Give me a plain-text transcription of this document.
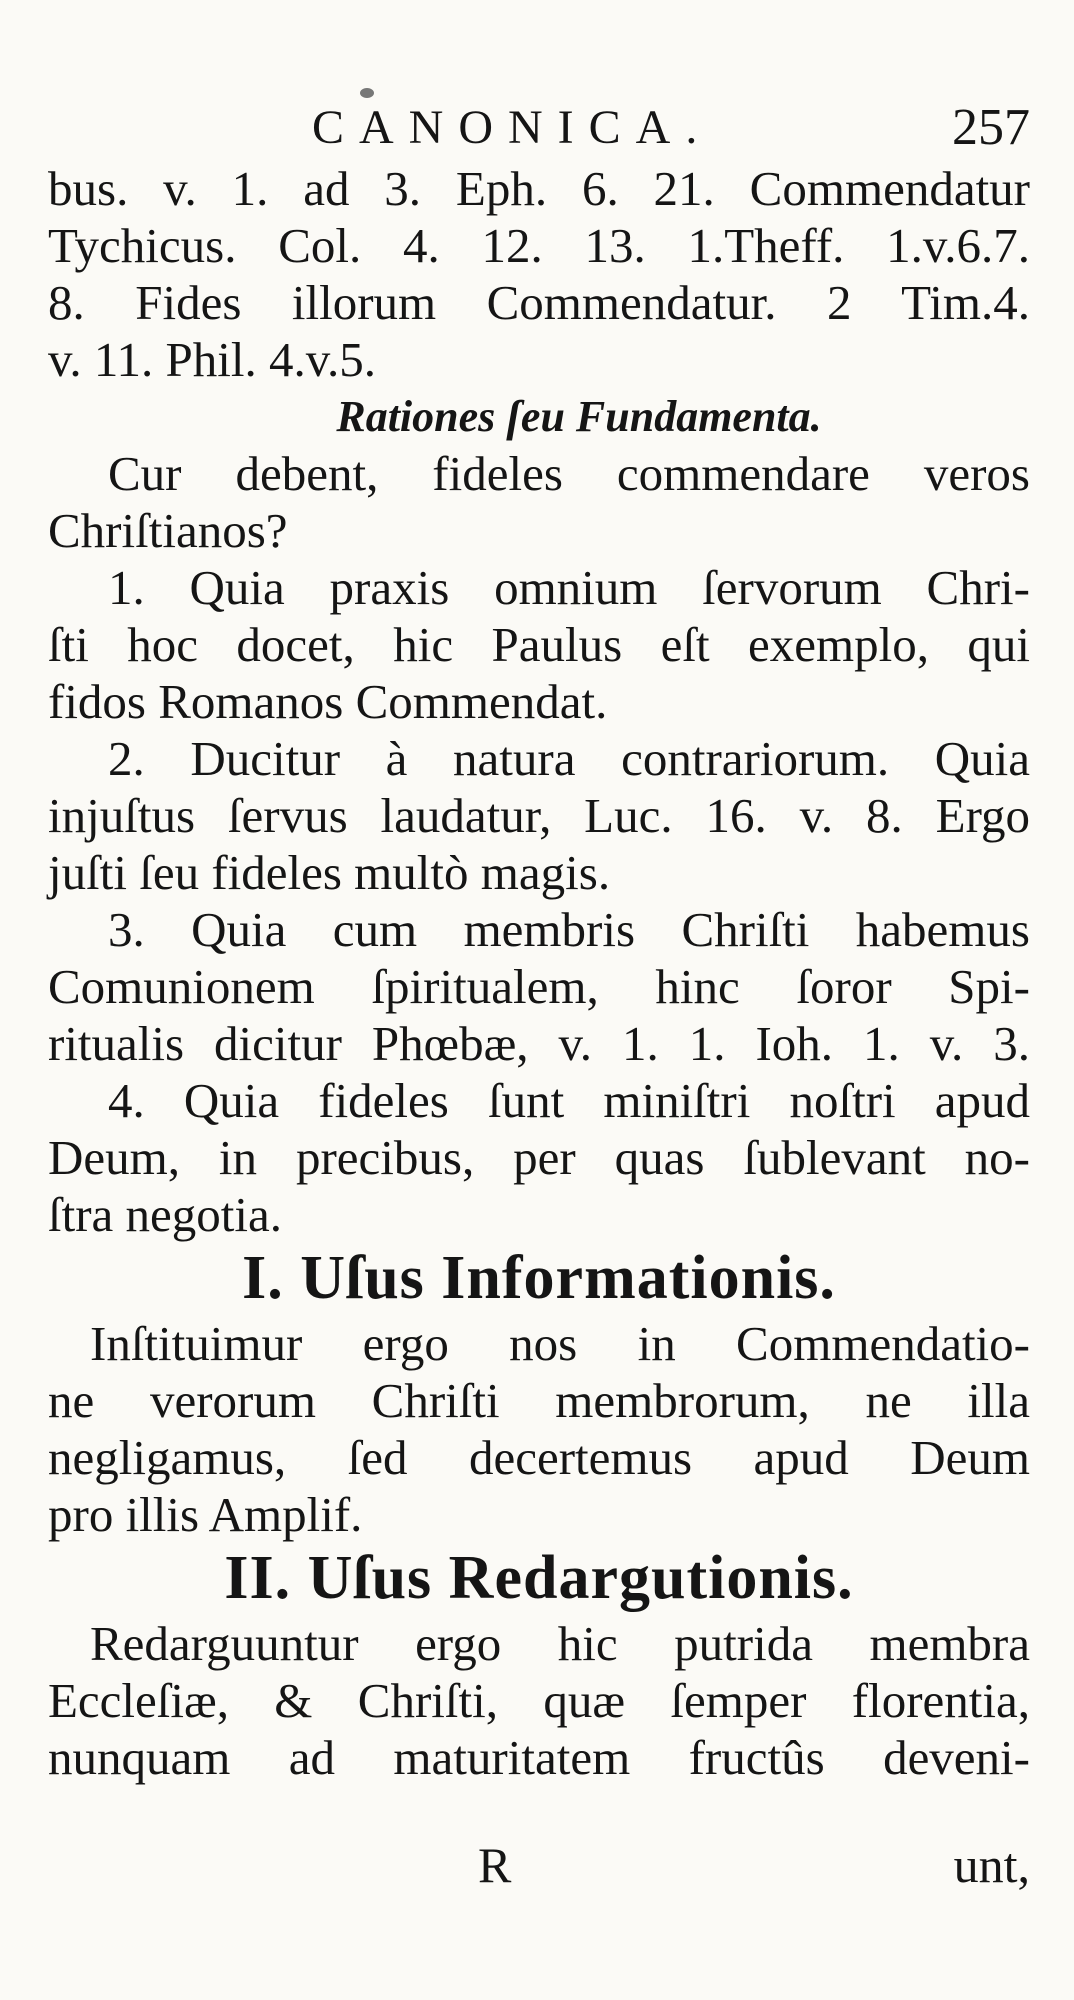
CANONICA.	257
bus. v. 1. ad 3. Eph. 6. 21. Commendatur
Tychicus. Col. 4. 12. 13. 1.Theff. 1.v.6.7.
8. Fides illorum Commendatur. 2 Tim.4.
v. 11. Phil. 4.v.5.
Rationes ſeu Fundamenta.
Cur debent, fideles commendare veros
Chriſtianos?
1. Quia praxis omnium ſervorum Chri-
ſti hoc docet, hic Paulus eſt exemplo, qui
fidos Romanos Commendat.
2. Ducitur à natura contrariorum. Quia
injuſtus ſervus laudatur, Luc. 16. v. 8. Ergo
juſti ſeu fideles multò magis.
3. Quia cum membris Chriſti habemus
Comunionem ſpiritualem, hinc ſoror Spi-
ritualis dicitur Phœbæ, v. 1. 1. Ioh. 1. v. 3.
4. Quia fideles ſunt miniſtri noſtri apud
Deum, in precibus, per quas ſublevant no-
ſtra negotia.
I. Uſus Informationis.
Inſtituimur ergo nos in Commendatio-
ne verorum Chriſti membrorum, ne illa
negligamus, ſed decertemus apud Deum
pro illis Amplif.
II. Uſus Redargutionis.
Redarguuntur ergo hic putrida membra
Eccleſiæ, & Chriſti, quæ ſemper florentia,
nunquam ad maturitatem fructûs deveni-
R	unt,
